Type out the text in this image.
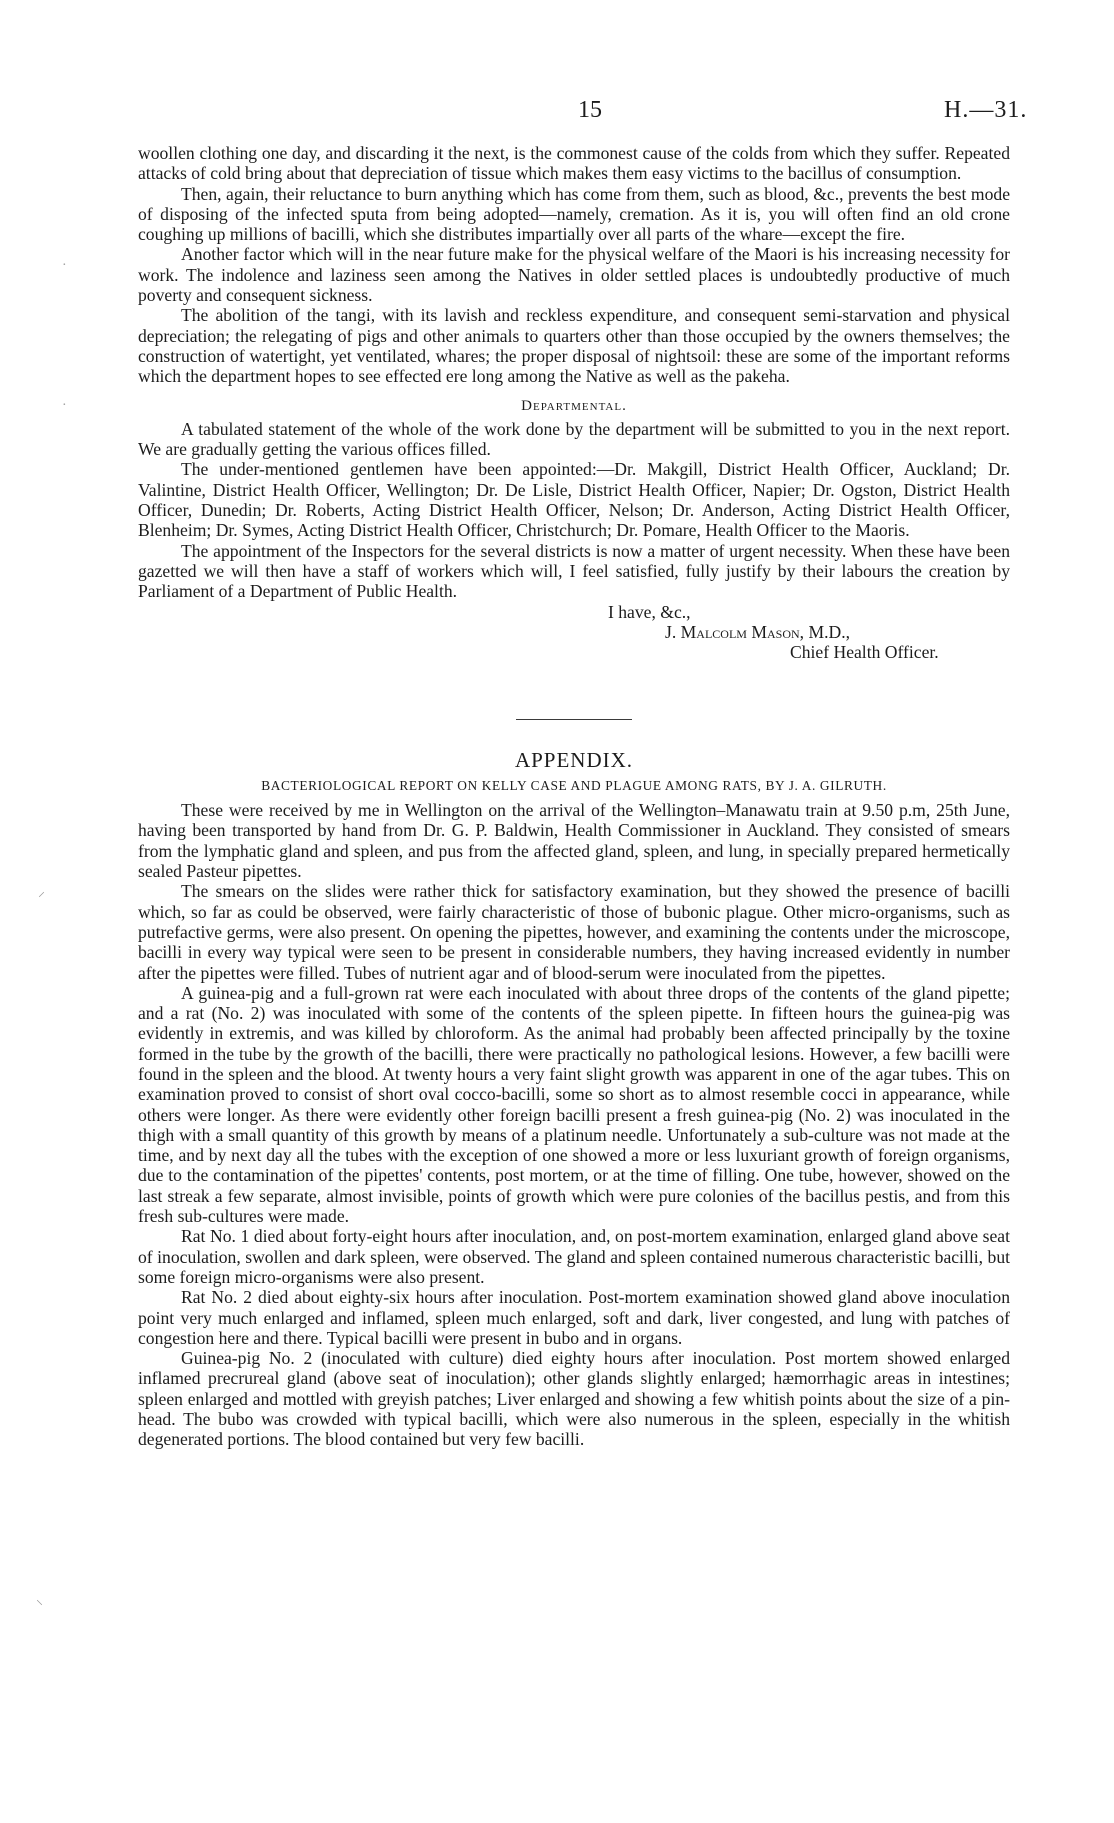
15	H.—31.
·
·
⸝
⸜

woollen clothing one day, and discarding it the next, is the commonest cause of the colds from which they suffer. Repeated attacks of cold bring about that depreciation of tissue which makes them easy victims to the bacillus of consumption.

Then, again, their reluctance to burn anything which has come from them, such as blood, &c., prevents the best mode of disposing of the infected sputa from being adopted—namely, cremation. As it is, you will often find an old crone coughing up millions of bacilli, which she distributes impartially over all parts of the whare—except the fire.

Another factor which will in the near future make for the physical welfare of the Maori is his increasing necessity for work. The indolence and laziness seen among the Natives in older settled places is undoubtedly productive of much poverty and consequent sickness.

The abolition of the tangi, with its lavish and reckless expenditure, and consequent semi-starvation and physical depreciation; the relegating of pigs and other animals to quarters other than those occupied by the owners themselves; the construction of watertight, yet ventilated, whares; the proper disposal of nightsoil: these are some of the important reforms which the department hopes to see effected ere long among the Native as well as the pakeha.

Departmental.

A tabulated statement of the whole of the work done by the department will be submitted to you in the next report. We are gradually getting the various offices filled.

The under-mentioned gentlemen have been appointed:—Dr. Makgill, District Health Officer, Auckland; Dr. Valintine, District Health Officer, Wellington; Dr. De Lisle, District Health Officer, Napier; Dr. Ogston, District Health Officer, Dunedin; Dr. Roberts, Acting District Health Officer, Nelson; Dr. Anderson, Acting District Health Officer, Blenheim; Dr. Symes, Acting District Health Officer, Christchurch; Dr. Pomare, Health Officer to the Maoris.

The appointment of the Inspectors for the several districts is now a matter of urgent necessity. When these have been gazetted we will then have a staff of workers which will, I feel satisfied, fully justify by their labours the creation by Parliament of a Department of Public Health.

I have, &c.,
J. Malcolm Mason, M.D.,
Chief Health Officer.
APPENDIX.
BACTERIOLOGICAL REPORT ON KELLY CASE AND PLAGUE AMONG RATS, BY J. A. GILRUTH.

These were received by me in Wellington on the arrival of the Wellington–Manawatu train at 9.50 p.m, 25th June, having been transported by hand from Dr. G. P. Baldwin, Health Commissioner in Auckland. They consisted of smears from the lymphatic gland and spleen, and pus from the affected gland, spleen, and lung, in specially prepared hermetically sealed Pasteur pipettes.

The smears on the slides were rather thick for satisfactory examination, but they showed the presence of bacilli which, so far as could be observed, were fairly characteristic of those of bubonic plague. Other micro-organisms, such as putrefactive germs, were also present. On opening the pipettes, however, and examining the contents under the microscope, bacilli in every way typical were seen to be present in considerable numbers, they having increased evidently in number after the pipettes were filled. Tubes of nutrient agar and of blood-serum were inoculated from the pipettes.

A guinea-pig and a full-grown rat were each inoculated with about three drops of the contents of the gland pipette; and a rat (No. 2) was inoculated with some of the contents of the spleen pipette. In fifteen hours the guinea-pig was evidently in extremis, and was killed by chloroform. As the animal had probably been affected principally by the toxine formed in the tube by the growth of the bacilli, there were practically no pathological lesions. However, a few bacilli were found in the spleen and the blood. At twenty hours a very faint slight growth was apparent in one of the agar tubes. This on examination proved to consist of short oval cocco-bacilli, some so short as to almost resemble cocci in appearance, while others were longer. As there were evidently other foreign bacilli present a fresh guinea-pig (No. 2) was inoculated in the thigh with a small quantity of this growth by means of a platinum needle. Unfortunately a sub-culture was not made at the time, and by next day all the tubes with the exception of one showed a more or less luxuriant growth of foreign organisms, due to the contamination of the pipettes' contents, post mortem, or at the time of filling. One tube, however, showed on the last streak a few separate, almost invisible, points of growth which were pure colonies of the bacillus pestis, and from this fresh sub-cultures were made.

Rat No. 1 died about forty-eight hours after inoculation, and, on post-mortem examination, enlarged gland above seat of inoculation, swollen and dark spleen, were observed. The gland and spleen contained numerous characteristic bacilli, but some foreign micro-organisms were also present.

Rat No. 2 died about eighty-six hours after inoculation. Post-mortem examination showed gland above inoculation point very much enlarged and inflamed, spleen much enlarged, soft and dark, liver congested, and lung with patches of congestion here and there. Typical bacilli were present in bubo and in organs.

Guinea-pig No. 2 (inoculated with culture) died eighty hours after inoculation. Post mortem showed enlarged inflamed precrureal gland (above seat of inoculation); other glands slightly enlarged; hæmorrhagic areas in intestines; spleen enlarged and mottled with greyish patches; Liver enlarged and showing a few whitish points about the size of a pin-head. The bubo was crowded with typical bacilli, which were also numerous in the spleen, especially in the whitish degenerated portions. The blood contained but very few bacilli.
